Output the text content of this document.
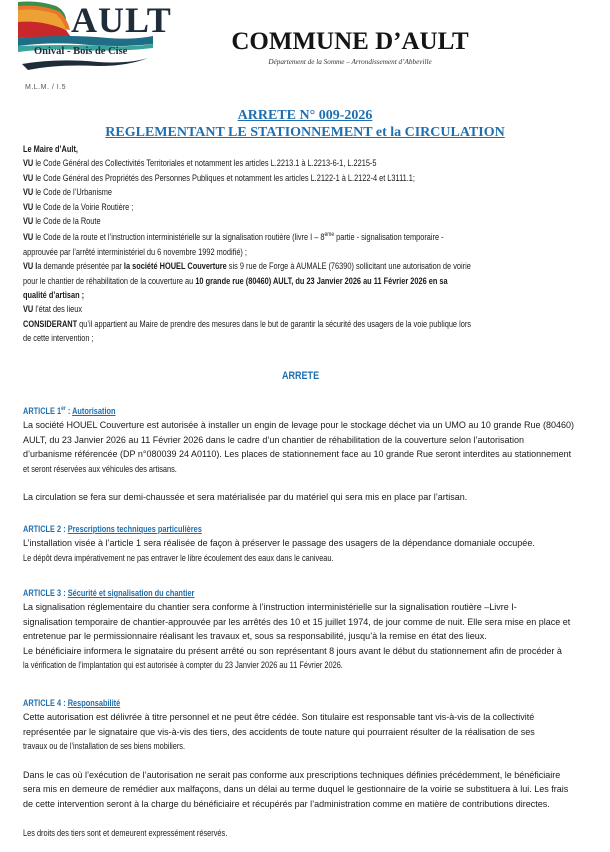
AULT
Onival - Bois de Cise
M.L.M. / I.5
COMMUNE D’AULT
Département de la Somme – Arrondissement d’Abbeville
ARRETE N° 009-2026
REGLEMENTANT LE STATIONNEMENT et la CIRCULATION
Le Maire d’Ault,
VU le Code Général des Collectivités Territoriales et notamment les articles L.2213.1 à L.2213-6-1, L.2215-5
VU le Code Général des Propriétés des Personnes Publiques et notamment les articles L.2122-1 à L.2122-4 et L3111.1;
VU le Code de l’Urbanisme
VU le Code de la Voirie Routière ;
VU le Code de la Route
VU le Code de la route et l’instruction interministérielle sur la signalisation routière (livre I – 8ème partie - signalisation temporaire -
approuvée par l’arrêté interministériel du 6 novembre 1992 modifié) ;
VU la demande présentée par la société HOUEL Couverture sis 9 rue de Forge à AUMALE (76390) sollicitant une autorisation de voirie
pour le chantier de réhabilitation de la couverture au 10 grande rue (80460) AULT, du 23 Janvier 2026 au 11 Février 2026 en sa
qualité d’artisan ;
VU l’état des lieux
CONSIDERANT qu’il appartient au Maire de prendre des mesures dans le but de garantir la sécurité des usagers de la voie publique lors
de cette intervention ;
ARRETE
ARTICLE 1er : Autorisation
La société HOUEL Couverture est autorisée à installer un engin de levage pour le stockage déchet via un UMO au 10 grande Rue (80460)
AULT, du 23 Janvier 2026 au 11 Février 2026 dans le cadre d’un chantier de réhabilitation de la couverture selon l’autorisation
d’urbanisme référencée (DP n°080039 24 A0110). Les places de stationnement face au 10 grande Rue seront interdites au stationnement
et seront réservées aux véhicules des artisans.

La circulation se fera sur demi-chaussée et sera matérialisée par du matériel qui sera mis en place par l’artisan.
ARTICLE 2 : Prescriptions techniques particulières
L’installation visée à l’article 1 sera réalisée de façon à préserver le passage des usagers de la dépendance domaniale occupée.
Le dépôt devra impérativement ne pas entraver le libre écoulement des eaux dans le caniveau.
ARTICLE 3 : Sécurité et signalisation du chantier
La signalisation réglementaire du chantier sera conforme à l’instruction interministérielle sur la signalisation routière –Livre I-
signalisation temporaire de chantier-approuvée par les arrêtés des 10 et 15 juillet 1974, de jour comme de nuit. Elle sera mise en place et
entretenue par le permissionnaire réalisant les travaux et, sous sa responsabilité, jusqu’à la remise en état des lieux.
Le bénéficiaire informera le signataire du présent arrêté ou son représentant 8 jours avant le début du stationnement afin de procéder à
la vérification de l’implantation qui est autorisée à compter du 23 Janvier 2026 au 11 Février 2026.
ARTICLE 4 : Responsabilité
Cette autorisation est délivrée à titre personnel et ne peut être cédée. Son titulaire est responsable tant vis-à-vis de la collectivité
représentée par le signataire que vis-à-vis des tiers, des accidents de toute nature qui pourraient résulter de la réalisation de ses
travaux ou de l’installation de ses biens mobiliers.

Dans le cas où l’exécution de l’autorisation ne serait pas conforme aux prescriptions techniques définies précédemment, le bénéficiaire
sera mis en demeure de remédier aux malfaçons, dans un délai au terme duquel le gestionnaire de la voirie se substituera à lui. Les frais
de cette intervention seront à la charge du bénéficiaire et récupérés par l’administration comme en matière de contributions directes.

Les droits des tiers sont et demeurent expressément réservés.
